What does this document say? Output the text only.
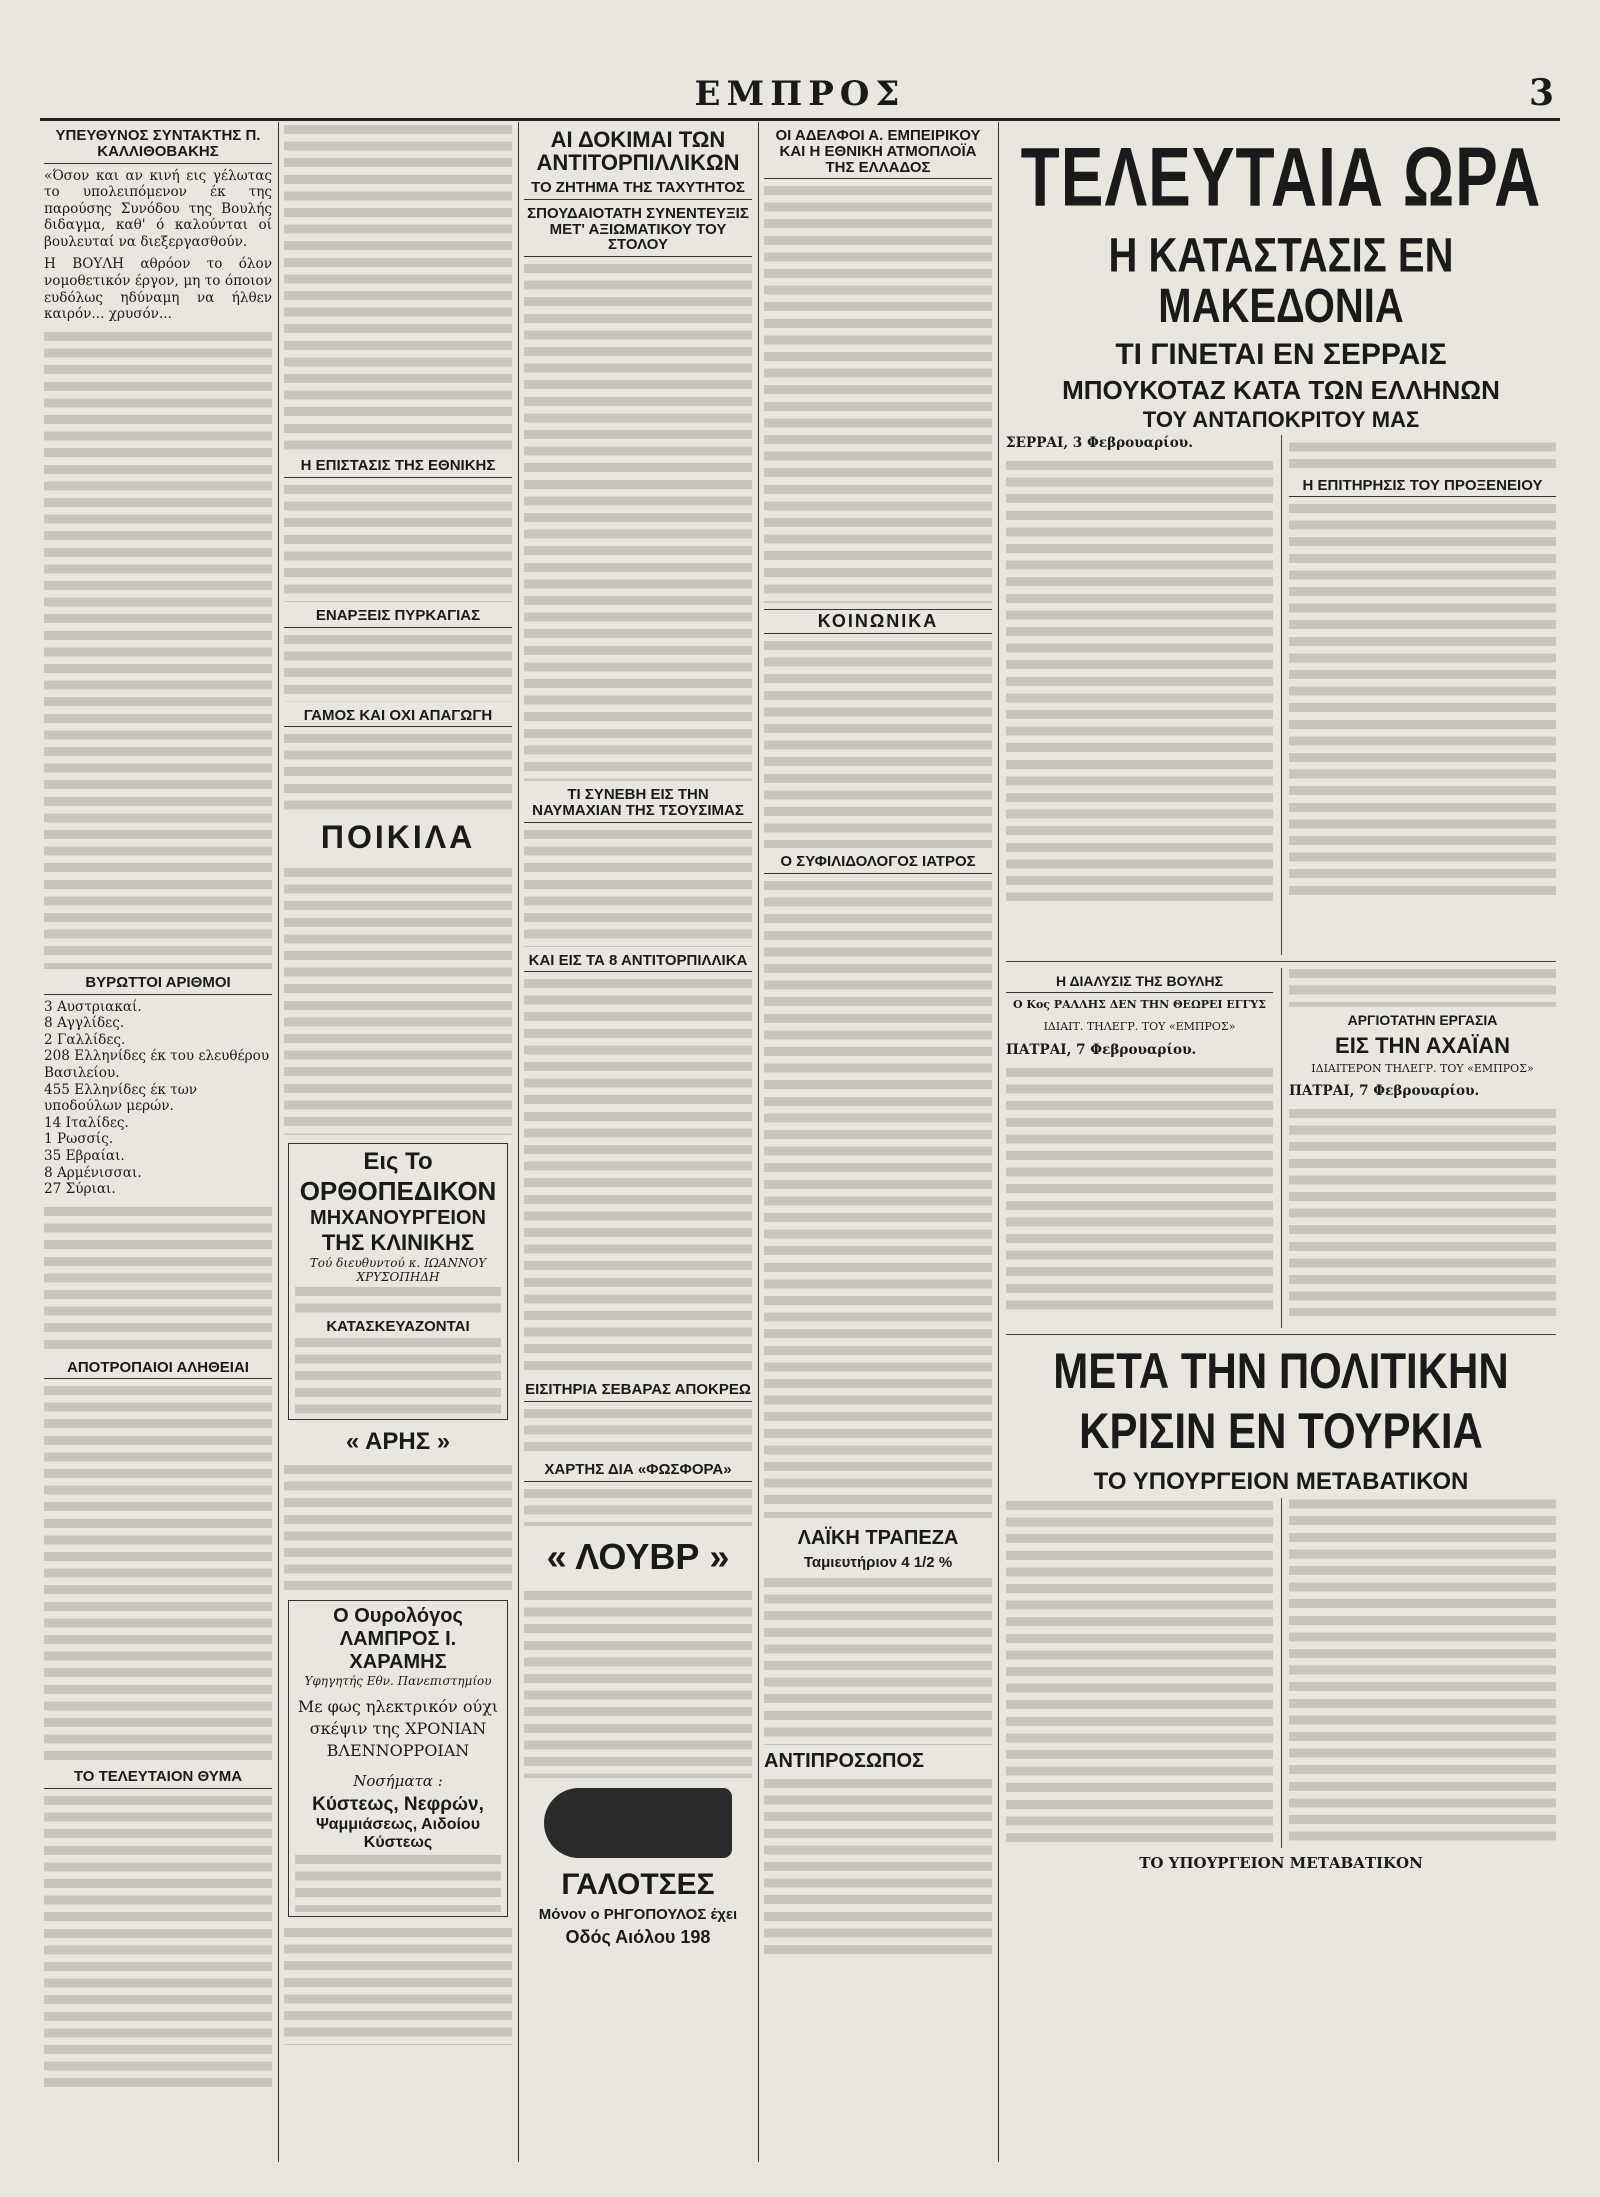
ΕΜΠΡΟΣ	3
ΥΠΕΥΘΥΝΟΣ ΣΥΝΤΑΚΤΗΣ Π. ΚΑΛΛΙΘΟΒΑΚΗΣ

«Όσον και αν κινή εις γέλωτας το υπολειπόμενον έκ της παρούσης Συνόδου της Βουλής διδαγμα, καθ' ό καλούνται οί βουλευταί να διεξεργασθούν.

Η ΒΟΥΛΗ αθρόον το όλον νομοθετικόν έργον, μη το όποιον ευδόλως ηδύναμη να ήλθεν καιρόν... χρυσόν...

ΒΥΡΩΤΤΟΙ ΑΡΙΘΜΟΙ
3 Αυστριακαί.
8 Αγγλίδες.
2 Γαλλίδες.
208 Ελληνίδες έκ του ελευθέρου Βασιλείου.
455 Ελληνίδες έκ των υποδούλων μερών.
14 Ιταλίδες.
1 Ρωσσίς.
35 Εβραίαι.
8 Αρμένισσαι.
27 Σύριαι.
ΑΠΟΤΡΟΠΑΙΟΙ ΑΛΗΘΕΙΑΙ
ΤΟ ΤΕΛΕΥΤΑΙΟΝ ΘΥΜΑ
Η ΕΠΙΣΤΑΣΙΣ ΤΗΣ ΕΘΝΙΚΗΣ
ΕΝΑΡΞΕΙΣ ΠΥΡΚΑΓΙΑΣ
ΓΑΜΟΣ ΚΑΙ ΟΧΙ ΑΠΑΓΩΓΗ
ΠΟΙΚΙΛΑ
Εις Το
ΟΡΘΟΠΕΔΙΚΟΝ
ΜΗΧΑΝΟΥΡΓΕΙΟΝ
ΤΗΣ ΚΛΙΝΙΚΗΣ
Τού διευθυντού κ. ΙΩΑΝΝΟΥ ΧΡΥΣΟΠΗΔΗ
ΚΑΤΑΣΚΕΥΑΖΟΝΤΑΙ
« ΑΡΗΣ »
Ο Ουρολόγος
ΛΑΜΠΡΟΣ Ι. ΧΑΡΑΜΗΣ
Υφηγητής Εθν. Πανεπιστημίου
Με φως ηλεκτρικόν ούχι σκέψιν της ΧΡΟΝΙΑΝ ΒΛΕΝΝΟΡΡΟΙΑΝ
Νοσήματα :
Κύστεως, Νεφρών,
Ψαμμιάσεως, Αιδοίου Κύστεως
ΑΙ ΔΟΚΙΜΑΙ ΤΩΝ ΑΝΤΙΤΟΡΠΙΛΛΙΚΩΝ
ΤΟ ΖΗΤΗΜΑ ΤΗΣ ΤΑΧΥΤΗΤΟΣ
ΣΠΟΥΔΑΙΟΤΑΤΗ ΣΥΝΕΝΤΕΥΞΙΣ ΜΕΤ' ΑΞΙΩΜΑΤΙΚΟΥ ΤΟΥ ΣΤΟΛΟΥ
ΤΙ ΣΥΝΕΒΗ ΕΙΣ ΤΗΝ ΝΑΥΜΑΧΙΑΝ ΤΗΣ ΤΣΟΥΣΙΜΑΣ
ΚΑΙ ΕΙΣ ΤΑ 8 ΑΝΤΙΤΟΡΠΙΛΛΙΚΑ
ΕΙΣΙΤΗΡΙΑ ΣΕΒΑΡΑΣ ΑΠΟΚΡΕΩ
ΧΑΡΤΗΣ ΔΙΑ «ΦΩΣΦΟΡΑ»
« ΛΟΥΒΡ »
ΓΑΛΟΤΣΕΣ
Μόνον ο ΡΗΓΟΠΟΥΛΟΣ έχει
Οδός Αιόλου 198
ΟΙ ΑΔΕΛΦΟΙ Α. ΕΜΠΕΙΡΙΚΟΥ ΚΑΙ Η ΕΘΝΙΚΗ ΑΤΜΟΠΛΟΪΑ ΤΗΣ ΕΛΛΑΔΟΣ
ΚΟΙΝΩΝΙΚΑ
Ο ΣΥΦΙΛΙΔΟΛΟΓΟΣ ΙΑΤΡΟΣ
ΛΑΪΚΗ ΤΡΑΠΕΖΑ
Ταμιευτήριον 4 1/2 %
ΑΝΤΙΠΡΟΣΩΠΟΣ
ΤΕΛΕΥΤΑΙΑ ΩΡΑ
Η ΚΑΤΑΣΤΑΣΙΣ ΕΝ ΜΑΚΕΔΟΝΙΑ
ΤΙ ΓΙΝΕΤΑΙ ΕΝ ΣΕΡΡΑΙΣ
ΜΠΟΥΚΟΤΑΖ ΚΑΤΑ ΤΩΝ ΕΛΛΗΝΩΝ
ΤΟΥ ΑΝΤΑΠΟΚΡΙΤΟΥ ΜΑΣ
ΣΕΡΡΑΙ, 3 Φεβρουαρίου.
Η ΕΠΙΤΗΡΗΣΙΣ ΤΟΥ ΠΡΟΞΕΝΕΙΟΥ
Η ΔΙΑΛΥΣΙΣ ΤΗΣ ΒΟΥΛΗΣ
Ο Κος ΡΑΛΛΗΣ ΔΕΝ ΤΗΝ ΘΕΩΡΕΙ ΕΓΓΥΣ
ΙΔΙΑΙΤ. ΤΗΛΕΓΡ. ΤΟΥ «ΕΜΠΡΟΣ»
ΠΑΤΡΑΙ, 7 Φεβρουαρίου.
ΑΡΓΙΟΤΑΤΗΝ ΕΡΓΑΣΙΑ
ΕΙΣ ΤΗΝ ΑΧΑΪΑΝ
ΙΔΙΑΙΤΕΡΟΝ ΤΗΛΕΓΡ. ΤΟΥ «ΕΜΠΡΟΣ»
ΠΑΤΡΑΙ, 7 Φεβρουαρίου.
ΜΕΤΑ ΤΗΝ ΠΟΛΙΤΙΚΗΝ
ΚΡΙΣΙΝ ΕΝ ΤΟΥΡΚΙΑ
ΤΟ ΥΠΟΥΡΓΕΙΟΝ ΜΕΤΑΒΑΤΙΚΟΝ
ΤΟ ΥΠΟΥΡΓΕΙΟΝ ΜΕΤΑΒΑΤΙΚΟΝ
